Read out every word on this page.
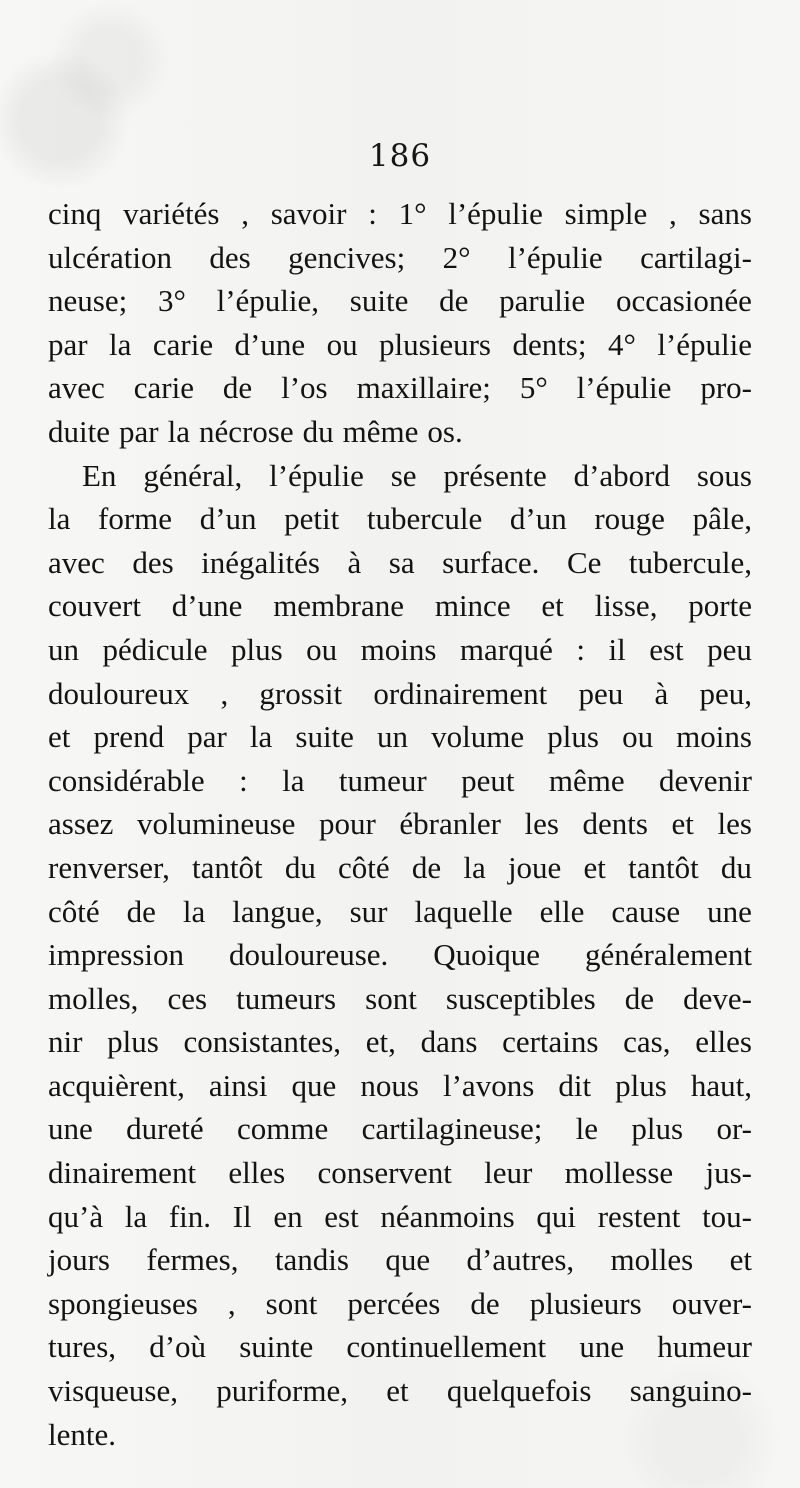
186
cinq variétés , savoir : 1° l’épulie simple , sans
ulcération des gencives; 2° l’épulie cartilagi-
neuse; 3° l’épulie, suite de parulie occasionée
par la carie d’une ou plusieurs dents; 4° l’épulie
avec carie de l’os maxillaire; 5° l’épulie pro-
duite par la nécrose du même os.
En général, l’épulie se présente d’abord sous
la forme d’un petit tubercule d’un rouge pâle,
avec des inégalités à sa surface. Ce tubercule,
couvert d’une membrane mince et lisse, porte
un pédicule plus ou moins marqué : il est peu
douloureux , grossit ordinairement peu à peu,
et prend par la suite un volume plus ou moins
considérable : la tumeur peut même devenir
assez volumineuse pour ébranler les dents et les
renverser, tantôt du côté de la joue et tantôt du
côté de la langue, sur laquelle elle cause une
impression douloureuse. Quoique généralement
molles, ces tumeurs sont susceptibles de deve-
nir plus consistantes, et, dans certains cas, elles
acquièrent, ainsi que nous l’avons dit plus haut,
une dureté comme cartilagineuse; le plus or-
dinairement elles conservent leur mollesse jus-
qu’à la fin. Il en est néanmoins qui restent tou-
jours fermes, tandis que d’autres, molles et
spongieuses , sont percées de plusieurs ouver-
tures, d’où suinte continuellement une humeur
visqueuse, puriforme, et quelquefois sanguino-
lente.
